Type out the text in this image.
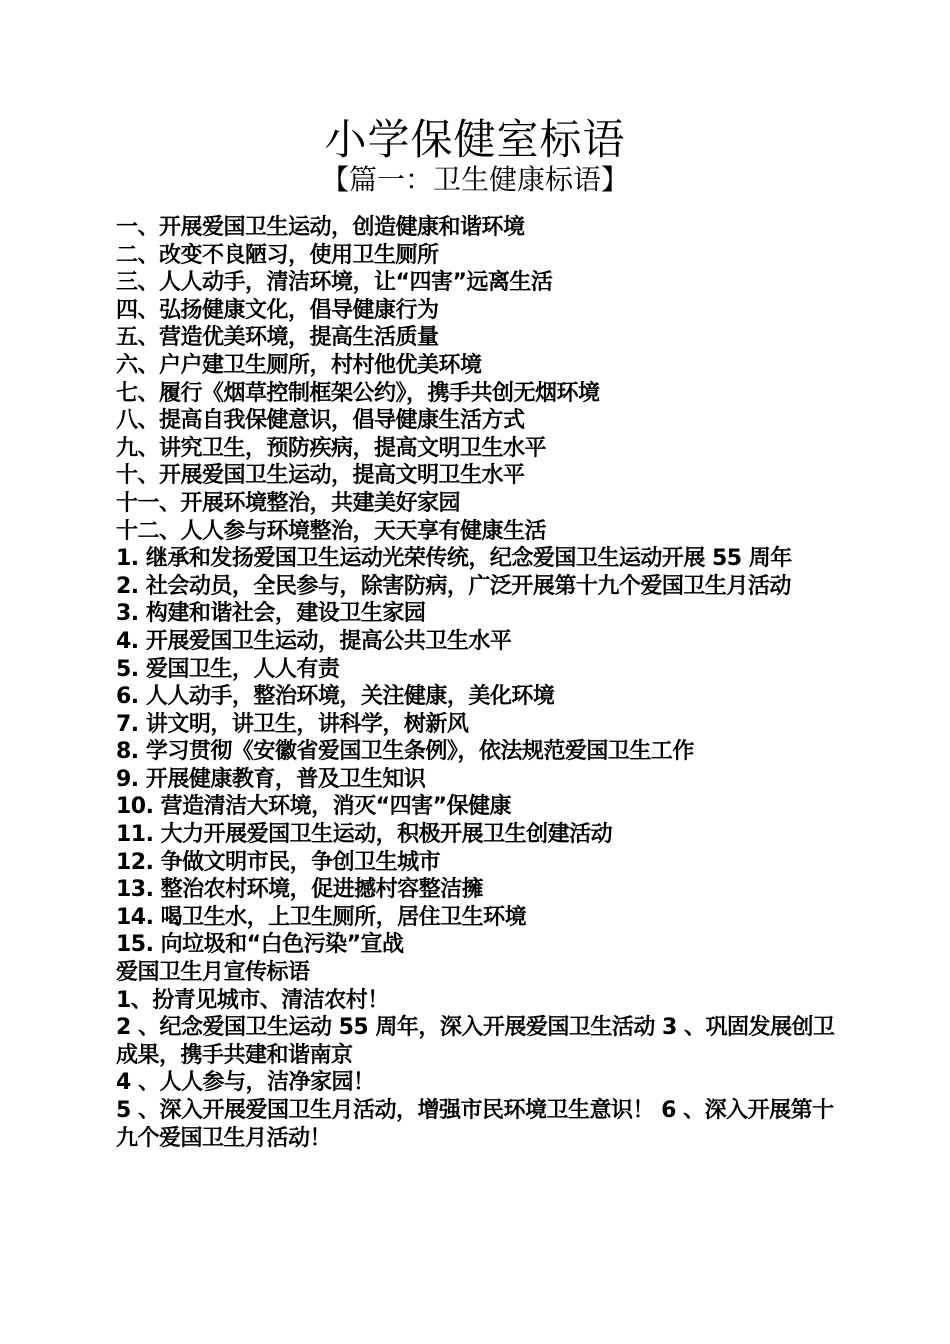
小学保健室标语
【篇一：卫生健康标语】
一、开展爱国卫生运动，创造健康和谐环境
二、改变不良陋习，使用卫生厕所
三、人人动手，清洁环境，让“四害”远离生活
四、弘扬健康文化，倡导健康行为
五、营造优美环境，提高生活质量
六、户户建卫生厕所，村村他优美环境
七、履行《烟草控制框架公约》，携手共创无烟环境
八、提高自我保健意识，倡导健康生活方式
九、讲究卫生，预防疾病，提高文明卫生水平
十、开展爱国卫生运动，提高文明卫生水平
十一、开展环境整治，共建美好家园
十二、人人参与环境整治，天天享有健康生活
1. 继承和发扬爱国卫生运动光荣传统，纪念爱国卫生运动开展 55 周年
2. 社会动员，全民参与，除害防病，广泛开展第十九个爱国卫生月活动
3. 构建和谐社会，建设卫生家园
4. 开展爱国卫生运动，提高公共卫生水平
5. 爱国卫生，人人有责
6. 人人动手，整治环境，关注健康，美化环境
7. 讲文明，讲卫生，讲科学，树新风
8. 学习贯彻《安徽省爱国卫生条例》，依法规范爱国卫生工作
9. 开展健康教育，普及卫生知识
10. 营造清洁大环境，消灭“四害”保健康
11. 大力开展爱国卫生运动，积极开展卫生创建活动
12. 争做文明市民，争创卫生城市
13. 整治农村环境，促进撼村容整洁擁
14. 喝卫生水，上卫生厕所，居住卫生环境
15. 向垃圾和“白色污染”宣战
爱国卫生月宣传标语
1、扮青见城市、清洁农村！
2 、纪念爱国卫生运动 55 周年，深入开展爱国卫生活动 3 、巩固发展创卫成果，携手共建和谐南京
4 、人人参与，洁净家园！
5 、深入开展爱国卫生月活动，增强市民环境卫生意识！ 6 、深入开展第十九个爱国卫生月活动！
